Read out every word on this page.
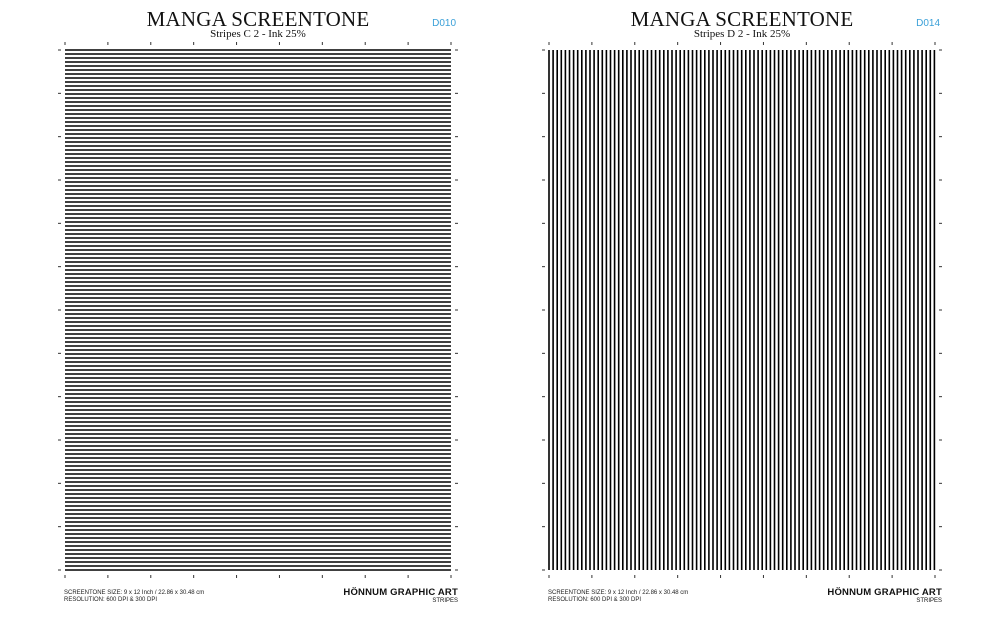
MANGA SCREENTONE
Stripes C 2 - Ink 25%
D010
SCREENTONE SIZE: 9 x 12 Inch / 22.86 x 30.48 cm
RESOLUTION: 600 DPI & 300 DPI
HÖNNUM GRAPHIC ART
STRIPES
MANGA SCREENTONE
Stripes D 2 - Ink 25%
D014
SCREENTONE SIZE: 9 x 12 Inch / 22.86 x 30.48 cm
RESOLUTION: 600 DPI & 300 DPI
HÖNNUM GRAPHIC ART
STRIPES
